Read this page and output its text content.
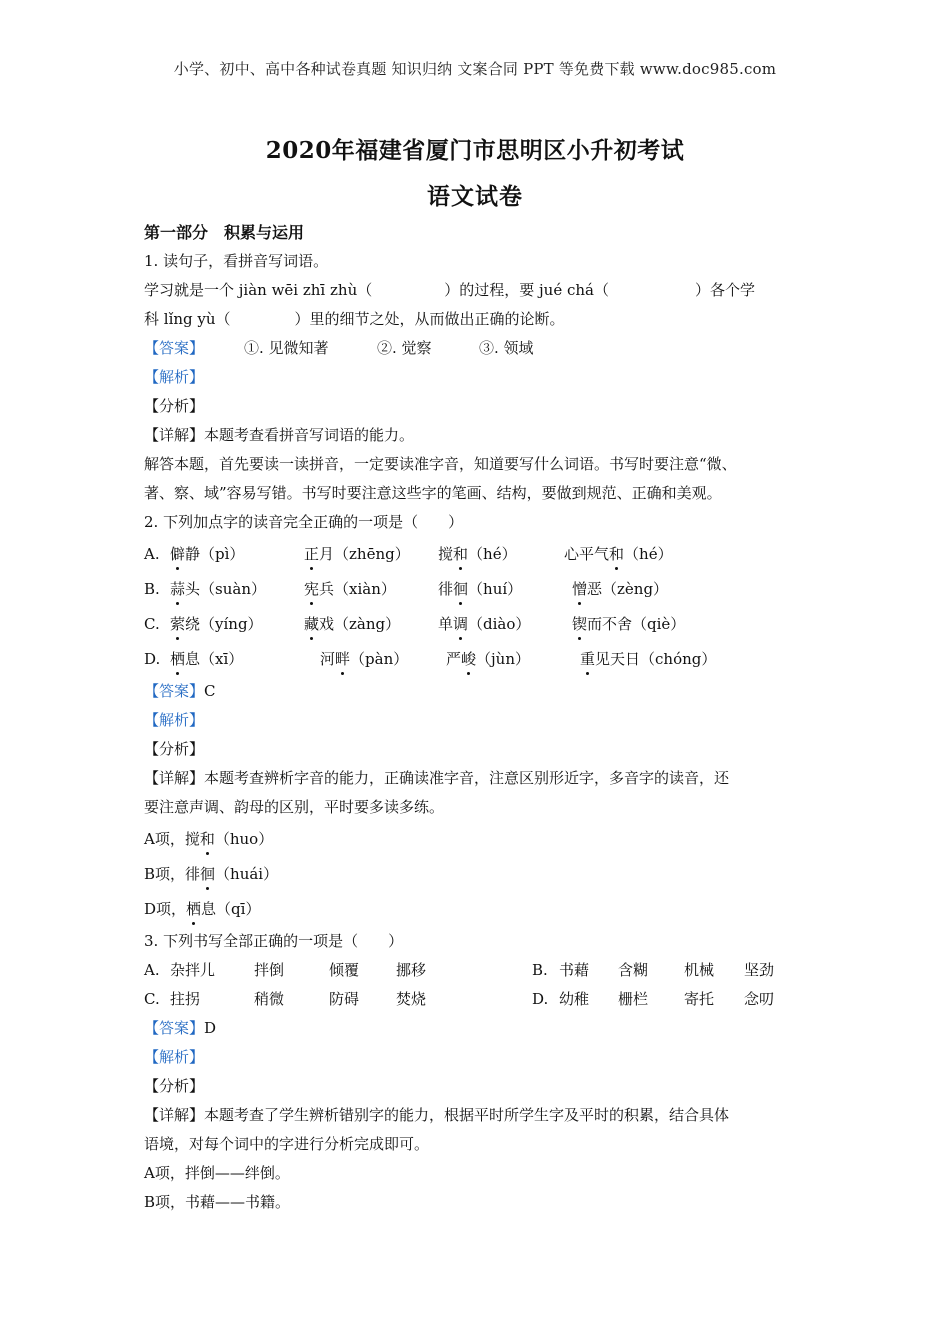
小学、初中、高中各种试卷真题 知识归纳 文案合同 PPT 等免费下载 www.doc985.com
2020年福建省厦门市思明区小升初考试
语文试卷
第一部分　积累与运用
1. 读句子，看拼音写词语。
学习就是一个 jiàn wēi zhī zhù（	）的过程，要 jué chá（	）各个学
科 lǐng yù（	）里的细节之处，从而做出正确的论断。
【答案】	①. 见微知著	②. 觉察	③. 领域
【解析】
【分析】
【详解】本题考查看拼音写词语的能力。
解答本题，首先要读一读拼音，一定要读准字音，知道要写什么词语。书写时要注意“微、
著、察、域”容易写错。书写时要注意这些字的笔画、结构，要做到规范、正确和美观。
2. 下列加点字的读音完全正确的一项是（　　）
A. 僻静（pì）	正月（zhēng） 搅和（hé）	心平气和（hé）
B. 蒜头（suàn）	宪兵（xiàn）	徘徊（huí）	憎恶（zèng）
C. 萦绕（yíng）	藏戏（zàng）	单调（diào）	锲而不舍（qiè）
D. 栖息（xī）	河畔（pàn）	严峻（jùn）	重见天日（chóng）
【答案】C
【解析】
【分析】
【详解】本题考查辨析字音的能力，正确读准字音，注意区别形近字，多音字的读音，还
要注意声调、韵母的区别，平时要多读多练。
A项，搅和（huo）
B项，徘徊（huái）
D项，栖息（qī）
3. 下列书写全部正确的一项是（　　）
A. 杂拌儿	拌倒	倾覆 挪移	B. 书藉 含糊 机械 坚劲
C. 拄拐	稍微	防碍 焚烧	D. 幼稚 栅栏 寄托 念叨
【答案】D
【解析】
【分析】
【详解】本题考查了学生辨析错别字的能力，根据平时所学生字及平时的积累，结合具体
语境，对每个词中的字进行分析完成即可。
A项，拌倒——绊倒。
B项，书藉——书籍。
